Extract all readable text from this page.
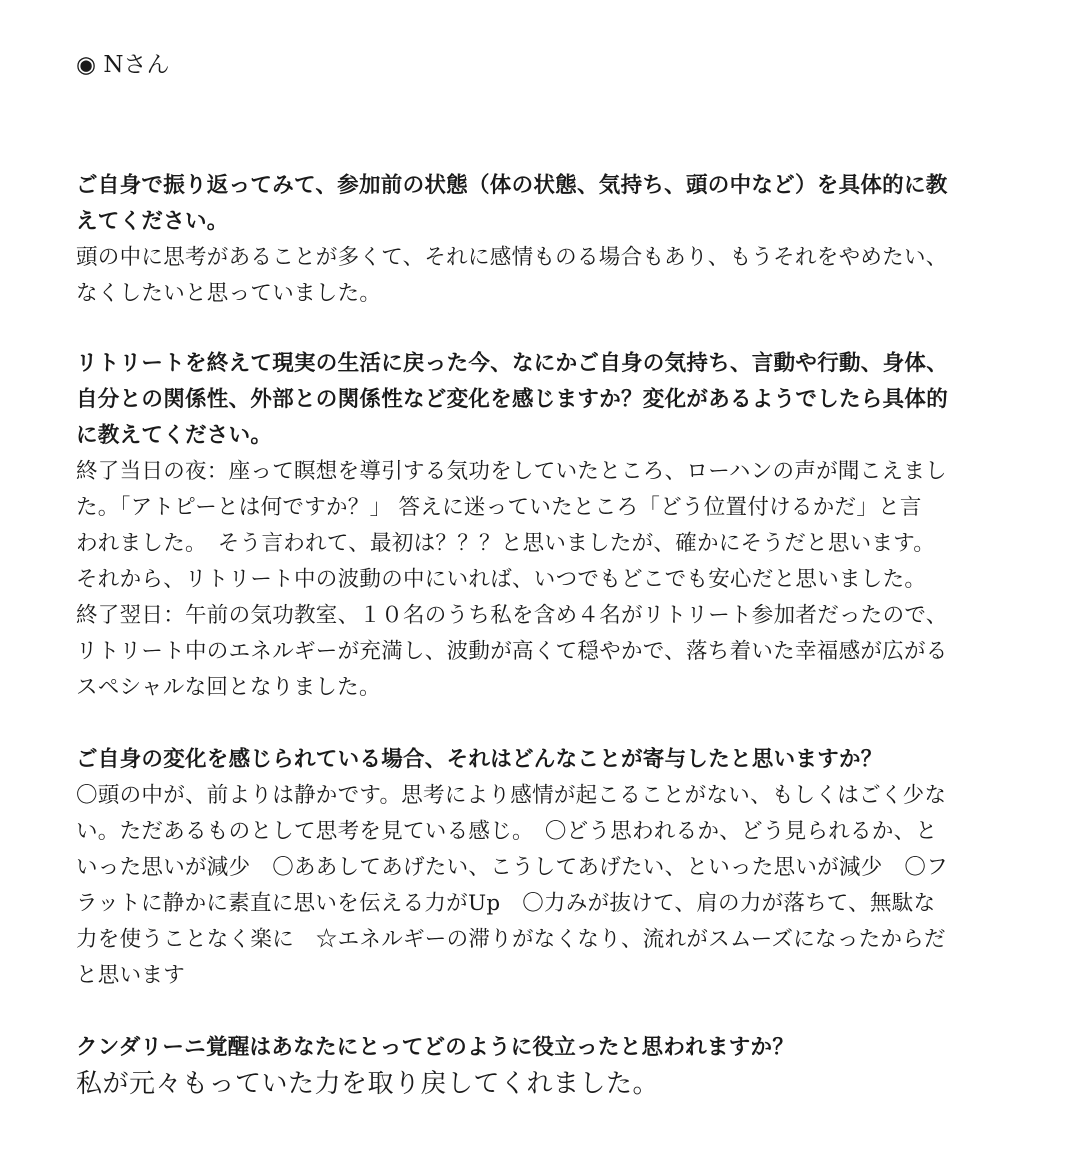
◉ Nさん

ご自身で振り返ってみて、参加前の状態（体の状態、気持ち、頭の中など）を具体的に教
えてください。

頭の中に思考があることが多くて、それに感情ものる場合もあり、もうそれをやめたい、
なくしたいと思っていました。

リトリートを終えて現実の生活に戻った今、なにかご自身の気持ち、言動や行動、身体、
自分との関係性、外部との関係性など変化を感じますか？変化があるようでしたら具体的
に教えてください。

終了当日の夜：座って瞑想を導引する気功をしていたところ、ローハンの声が聞こえまし
た。「アトピーとは何ですか？」 答えに迷っていたところ「どう位置付けるかだ」と言
われました。　そう言われて、最初は？？？と思いましたが、確かにそうだと思います。
それから、リトリート中の波動の中にいれば、いつでもどこでも安心だと思いました。
終了翌日：午前の気功教室、１０名のうち私を含め４名がリトリート参加者だったので、
リトリート中のエネルギーが充満し、波動が高くて穏やかで、落ち着いた幸福感が広がる
スペシャルな回となりました。

ご自身の変化を感じられている場合、それはどんなことが寄与したと思いますか？

〇頭の中が、前よりは静かです。思考により感情が起こることがない、もしくはごく少な
い。ただあるものとして思考を見ている感じ。　〇どう思われるか、どう見られるか、と
いった思いが減少　〇ああしてあげたい、こうしてあげたい、といった思いが減少　〇フ
ラットに静かに素直に思いを伝える力がUp　〇力みが抜けて、肩の力が落ちて、無駄な
力を使うことなく楽に　☆エネルギーの滞りがなくなり、流れがスムーズになったからだ
と思います

クンダリーニ覚醒はあなたにとってどのように役立ったと思われますか？

私が元々もっていた力を取り戻してくれました。
